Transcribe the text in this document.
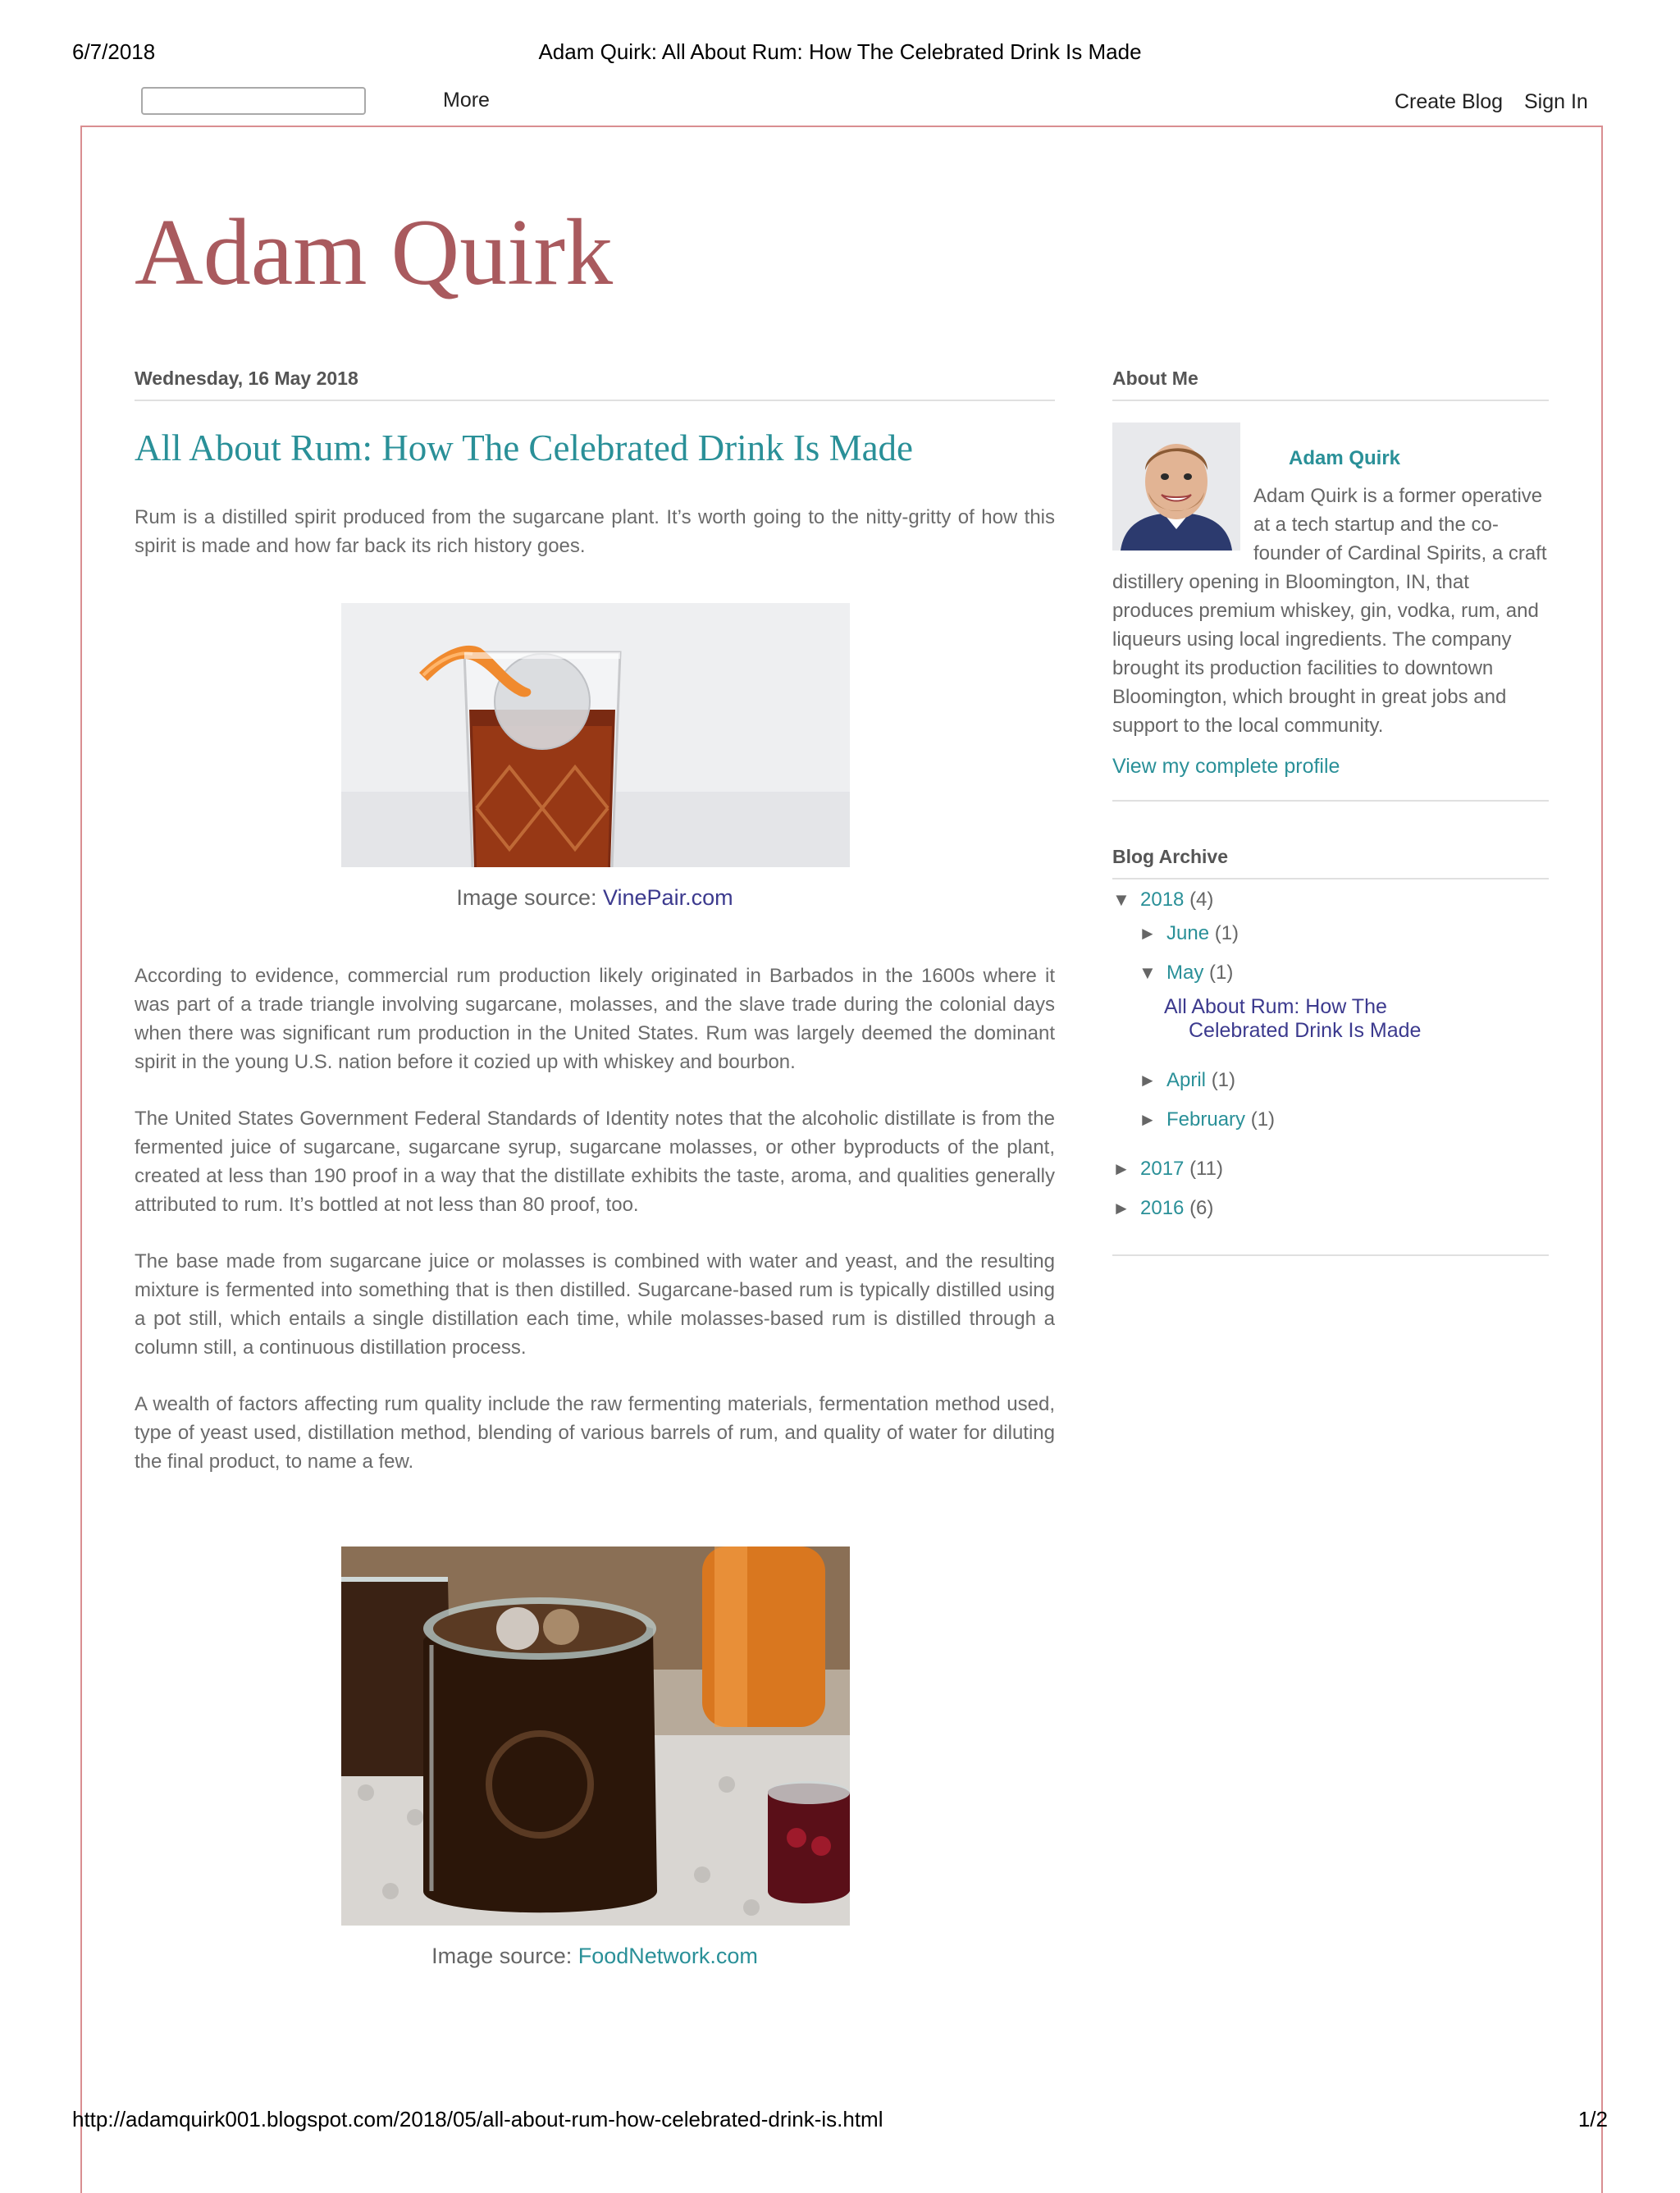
6/7/2018	Adam Quirk: All About Rum: How The Celebrated Drink Is Made
More	Create Blog Sign In
Adam Quirk
Wednesday, 16 May 2018
All About Rum: How The Celebrated Drink Is Made

Rum is a distilled spirit produced from the sugarcane plant. It’s worth going to the nitty-gritty of how this spirit is made and how far back its rich history goes.

Image source: VinePair.com

According to evidence, commercial rum production likely originated in Barbados in the 1600s where it was part of a trade triangle involving sugarcane, molasses, and the slave trade during the colonial days when there was significant rum production in the United States. Rum was largely deemed the dominant spirit in the young U.S. nation before it cozied up with whiskey and bourbon.

The United States Government Federal Standards of Identity notes that the alcoholic distillate is from the fermented juice of sugarcane, sugarcane syrup, sugarcane molasses, or other byproducts of the plant, created at less than 190 proof in a way that the distillate exhibits the taste, aroma, and qualities generally attributed to rum. It’s bottled at not less than 80 proof, too.

The base made from sugarcane juice or molasses is combined with water and yeast, and the resulting mixture is fermented into something that is then distilled. Sugarcane-based rum is typically distilled using a pot still, which entails a single distillation each time, while molasses-based rum is distilled through a column still, a continuous distillation process.

A wealth of factors affecting rum quality include the raw fermenting materials, fermentation method used, type of yeast used, distillation method, blending of various barrels of rum, and quality of water for diluting the final product, to name a few.

Image source: FoodNetwork.com
About Me
Adam Quirk
Adam Quirk is a former operative at a tech startup and the co-founder of Cardinal Spirits, a craft distillery opening in Bloomington, IN, that produces premium whiskey, gin, vodka, rum, and liqueurs using local ingredients. The company brought its production facilities to downtown Bloomington, which brought in great jobs and support to the local community.
View my complete profile
Blog Archive
▼ 2018 (4)
► June (1)
▼ May (1)
All About Rum: How The
Celebrated Drink Is Made
► April (1)
► February (1)
► 2017 (11)
► 2016 (6)
http://adamquirk001.blogspot.com/2018/05/all-about-rum-how-celebrated-drink-is.html	1/2
